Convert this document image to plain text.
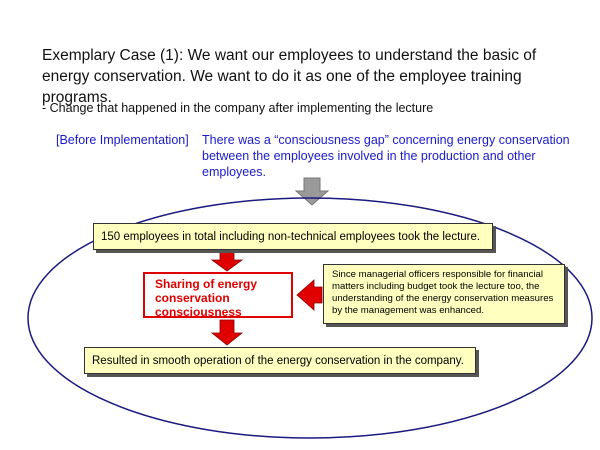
Exemplary Case (1): We want our employees to understand the basic of energy conservation. We want to do it as one of the employee training programs.
- Change that happened in the company after implementing the lecture
[Before Implementation] There was a “consciousness gap” concerning energy conservation between the employees involved in the production and other employees.
150 employees in total including non-technical employees took the lecture.
Sharing of energy conservation consciousness
Since managerial officers responsible for financial matters including budget took the lecture too, the understanding of the energy conservation measures by the management was enhanced.
Resulted in smooth operation of the energy conservation in the company.
